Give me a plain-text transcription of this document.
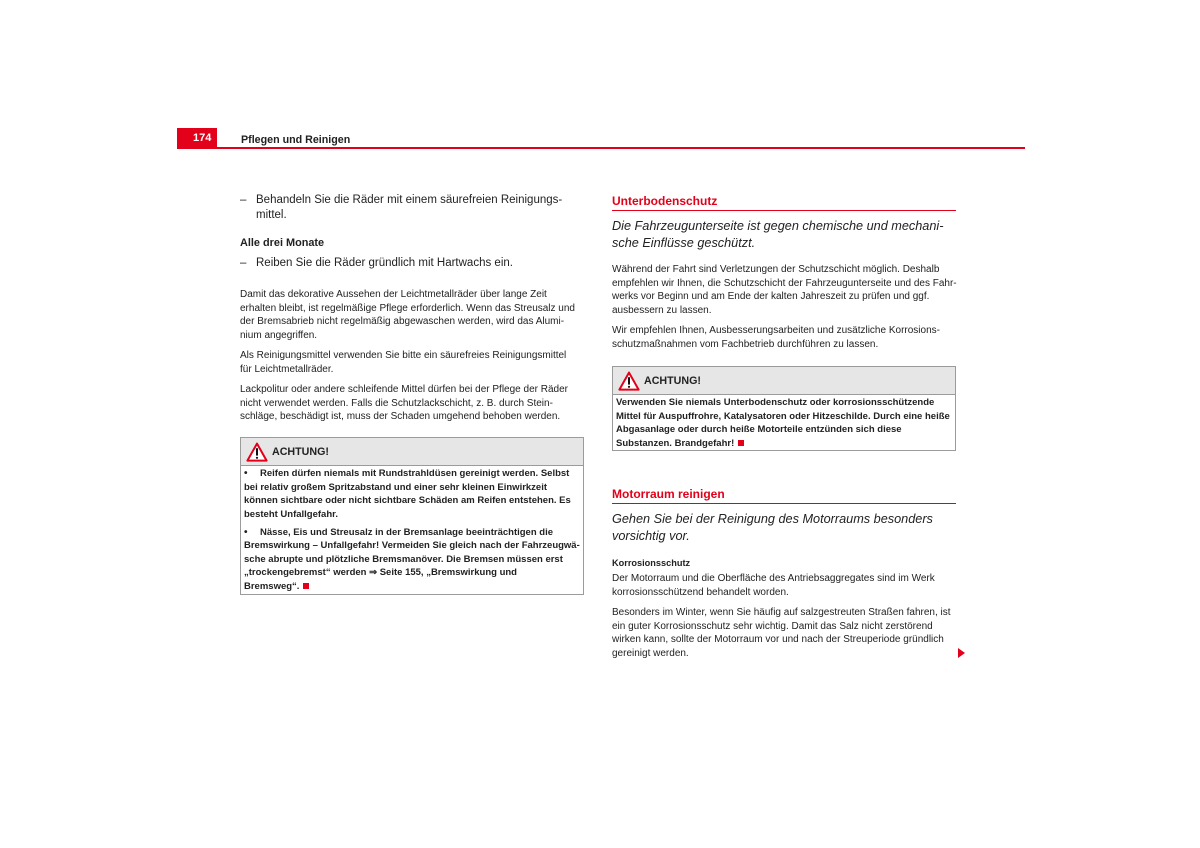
174	Pflegen und Reinigen
– Behandeln Sie die Räder mit einem säurefreien Reinigungs-
mittel.
Alle drei Monate
– Reiben Sie die Räder gründlich mit Hartwachs ein.
Damit das dekorative Aussehen der Leichtmetallräder über lange Zeit
erhalten bleibt, ist regelmäßige Pflege erforderlich. Wenn das Streusalz und
der Bremsabrieb nicht regelmäßig abgewaschen werden, wird das Alumi-
nium angegriffen.
Als Reinigungsmittel verwenden Sie bitte ein säurefreies Reinigungsmittel
für Leichtmetallräder.
Lackpolitur oder andere schleifende Mittel dürfen bei der Pflege der Räder
nicht verwendet werden. Falls die Schutzlackschicht, z. B. durch Stein-
schläge, beschädigt ist, muss der Schaden umgehend behoben werden.
ACHTUNG!
• Reifen dürfen niemals mit Rundstrahldüsen gereinigt werden. Selbst
bei relativ großem Spritzabstand und einer sehr kleinen Einwirkzeit
können sichtbare oder nicht sichtbare Schäden am Reifen entstehen. Es
besteht Unfallgefahr.
• Nässe, Eis und Streusalz in der Bremsanlage beeinträchtigen die
Bremswirkung – Unfallgefahr! Vermeiden Sie gleich nach der Fahrzeugwä-
sche abrupte und plötzliche Bremsmanöver. Die Bremsen müssen erst
„trockengebremst“ werden ⇒ Seite 155, „Bremswirkung und
Bremsweg“.
Unterbodenschutz
Die Fahrzeugunterseite ist gegen chemische und mechani-
sche Einflüsse geschützt.
Während der Fahrt sind Verletzungen der Schutzschicht möglich. Deshalb
empfehlen wir Ihnen, die Schutzschicht der Fahrzeugunterseite und des Fahr-
werks vor Beginn und am Ende der kalten Jahreszeit zu prüfen und ggf.
ausbessern zu lassen.
Wir empfehlen Ihnen, Ausbesserungsarbeiten und zusätzliche Korrosions-
schutzmaßnahmen vom Fachbetrieb durchführen zu lassen.
ACHTUNG!
Verwenden Sie niemals Unterbodenschutz oder korrosionsschützende
Mittel für Auspuffrohre, Katalysatoren oder Hitzeschilde. Durch eine heiße
Abgasanlage oder durch heiße Motorteile entzünden sich diese
Substanzen. Brandgefahr!
Motorraum reinigen
Gehen Sie bei der Reinigung des Motorraums besonders
vorsichtig vor.
Korrosionsschutz
Der Motorraum und die Oberfläche des Antriebsaggregates sind im Werk
korrosionsschützend behandelt worden.
Besonders im Winter, wenn Sie häufig auf salzgestreuten Straßen fahren, ist
ein guter Korrosionsschutz sehr wichtig. Damit das Salz nicht zerstörend
wirken kann, sollte der Motorraum vor und nach der Streuperiode gründlich
gereinigt werden.
